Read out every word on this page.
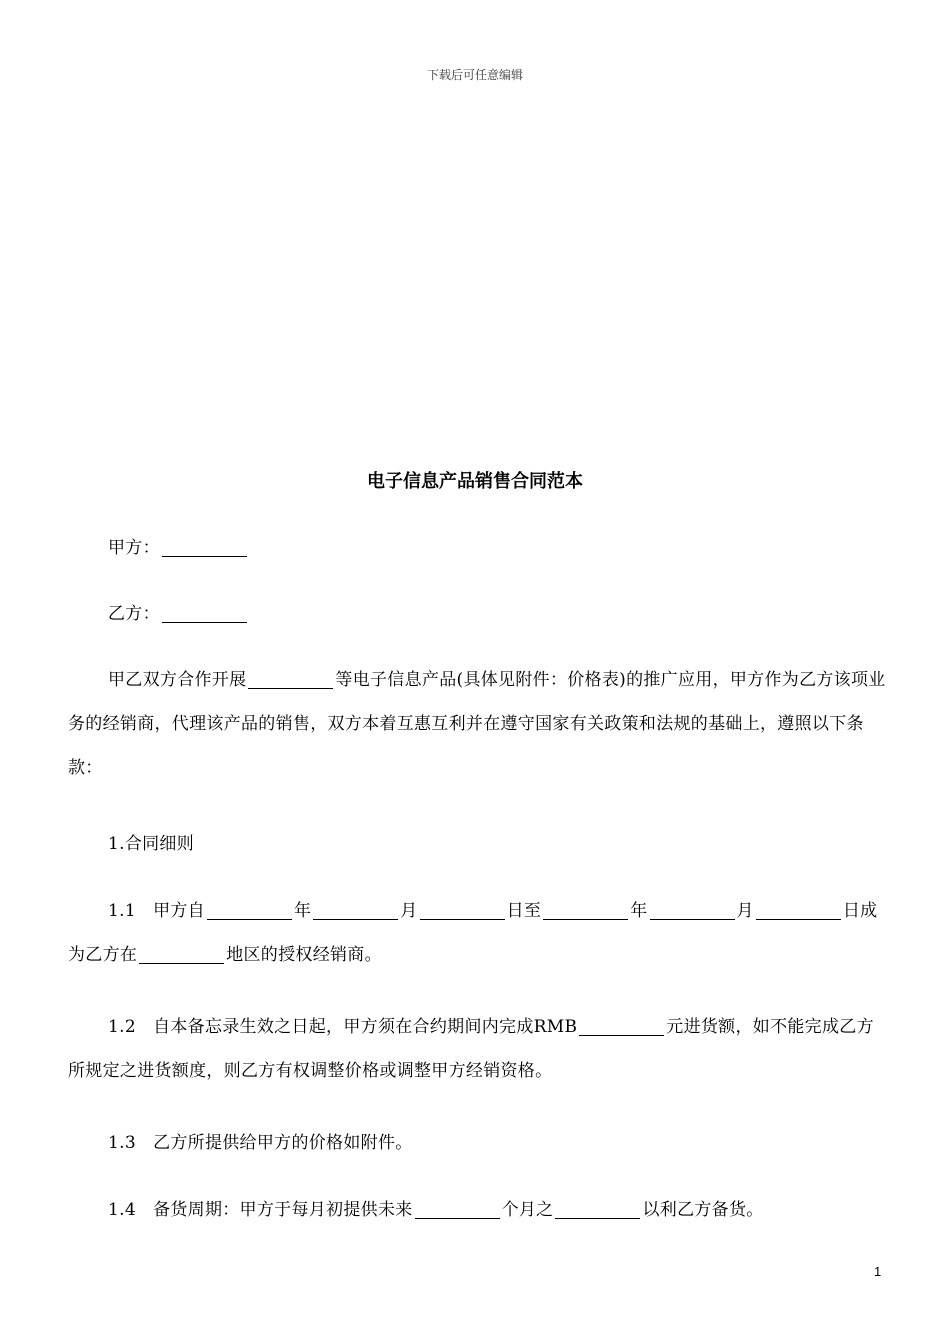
下载后可任意编辑
电子信息产品销售合同范本
甲方：
乙方：
甲乙双方合作开展	等电子信息产品(具体见附件：价格表)的推广应用，甲方作为乙方该项业务的经销商，代理该产品的销售，双方本着互惠互利并在遵守国家有关政策和法规的基础上，遵照以下条款：
1.合同细则
1.1 甲方自	年	月	日至	年	月	日成为乙方在	地区的授权经销商。
1.2 自本备忘录生效之日起，甲方须在合约期间内完成RMB	元进货额，如不能完成乙方所规定之进货额度，则乙方有权调整价格或调整甲方经销资格。
1.3 乙方所提供给甲方的价格如附件。
1.4 备货周期：甲方于每月初提供未来	个月之	以利乙方备货。
1
